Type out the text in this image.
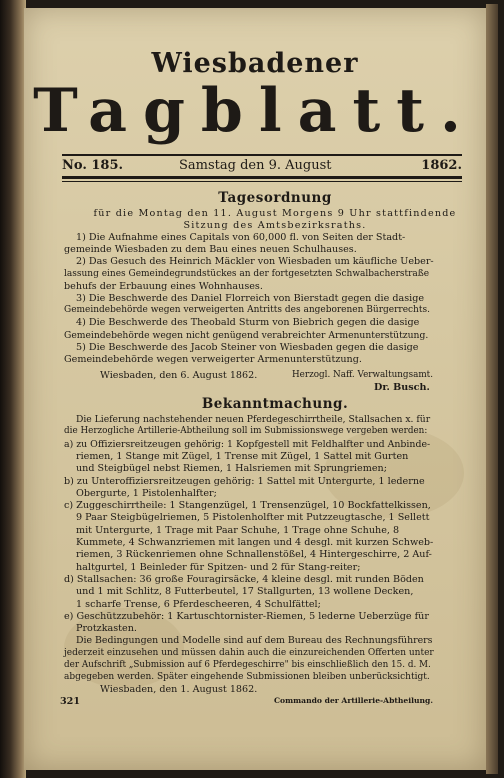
Wiesbadener
Tagblatt.
No. 185.	Samstag den 9. August	1862.
Tagesordnung
für die Montag den 11. August Morgens 9 Uhr stattfindende
Sitzung des Amtsbezirksraths.
1) Die Aufnahme eines Capitals von 60,000 fl. von Seiten der Stadt-
gemeinde Wiesbaden zu dem Bau eines neuen Schulhauses.
2) Das Gesuch des Heinrich Mäckler von Wiesbaden um käufliche Ueber-
lassung eines Gemeindegrundstückes an der fortgesetzten Schwalbacherstraße
behufs der Erbauung eines Wohnhauses.
3) Die Beschwerde des Daniel Florreich von Bierstadt gegen die dasige
Gemeindebehörde wegen verweigerten Antritts des angeborenen Bürgerrechts.
4) Die Beschwerde des Theobald Sturm von Biebrich gegen die dasige
Gemeindebehörde wegen nicht genügend verabreichter Armenunterstützung.
5) Die Beschwerde des Jacob Steiner von Wiesbaden gegen die dasige
Gemeindebehörde wegen verweigerter Armenunterstützung.
Wiesbaden, den 6. August 1862.	Herzogl. Naff. Verwaltungsamt.
Dr. Busch.
Bekanntmachung.
Die Lieferung nachstehender neuen Pferdegeschirrtheile, Stallsachen x. für
die Herzogliche Artillerie-Abtheilung soll im Submissionswege vergeben werden:
a) zu Offiziersreitzeugen gehörig: 1 Kopfgestell mit Feldhalfter und Anbinde-
riemen, 1 Stange mit Zügel, 1 Trense mit Zügel, 1 Sattel mit Gurten
und Steigbügel nebst Riemen, 1 Halsriemen mit Sprungriemen;
b) zu Unteroffiziersreitzeugen gehörig: 1 Sattel mit Untergurte, 1 lederne
Obergurte, 1 Pistolenhalfter;
c) Zuggeschirrtheile: 1 Stangenzügel, 1 Trensenzügel, 10 Bockfattelkissen,
9 Paar Steigbügelriemen, 5 Pistolenholfter mit Putzzeugtasche, 1 Sellett
mit Untergurte, 1 Trage mit Paar Schuhe, 1 Trage ohne Schuhe, 8
Kummete, 4 Schwanzriemen mit langen und 4 desgl. mit kurzen Schweb-
riemen, 3 Rückenriemen ohne Schnallenstößel, 4 Hintergeschirre, 2 Auf-
haltgurtel, 1 Beinleder für Spitzen- und 2 für Stang-reiter;
d) Stallsachen: 36 große Fouragirsäcke, 4 kleine desgl. mit runden Böden
und 1 mit Schlitz, 8 Futterbeutel, 17 Stallgurten, 13 wollene Decken,
1 scharfe Trense, 6 Pferdescheeren, 4 Schulfättel;
e) Geschützzubehör: 1 Kartuschtornister-Riemen, 5 lederne Ueberzüge für
Protzkasten.
Die Bedingungen und Modelle sind auf dem Bureau des Rechnungsführers
jederzeit einzusehen und müssen dahin auch die einzureichenden Offerten unter
der Aufschrift „Submission auf 6 Pferdegeschirre" bis einschließlich den 15. d. M.
abgegeben werden. Später eingehende Submissionen bleiben unberücksichtigt.
Wiesbaden, den 1. August 1862.
321	Commando der Artillerie-Abtheilung.
